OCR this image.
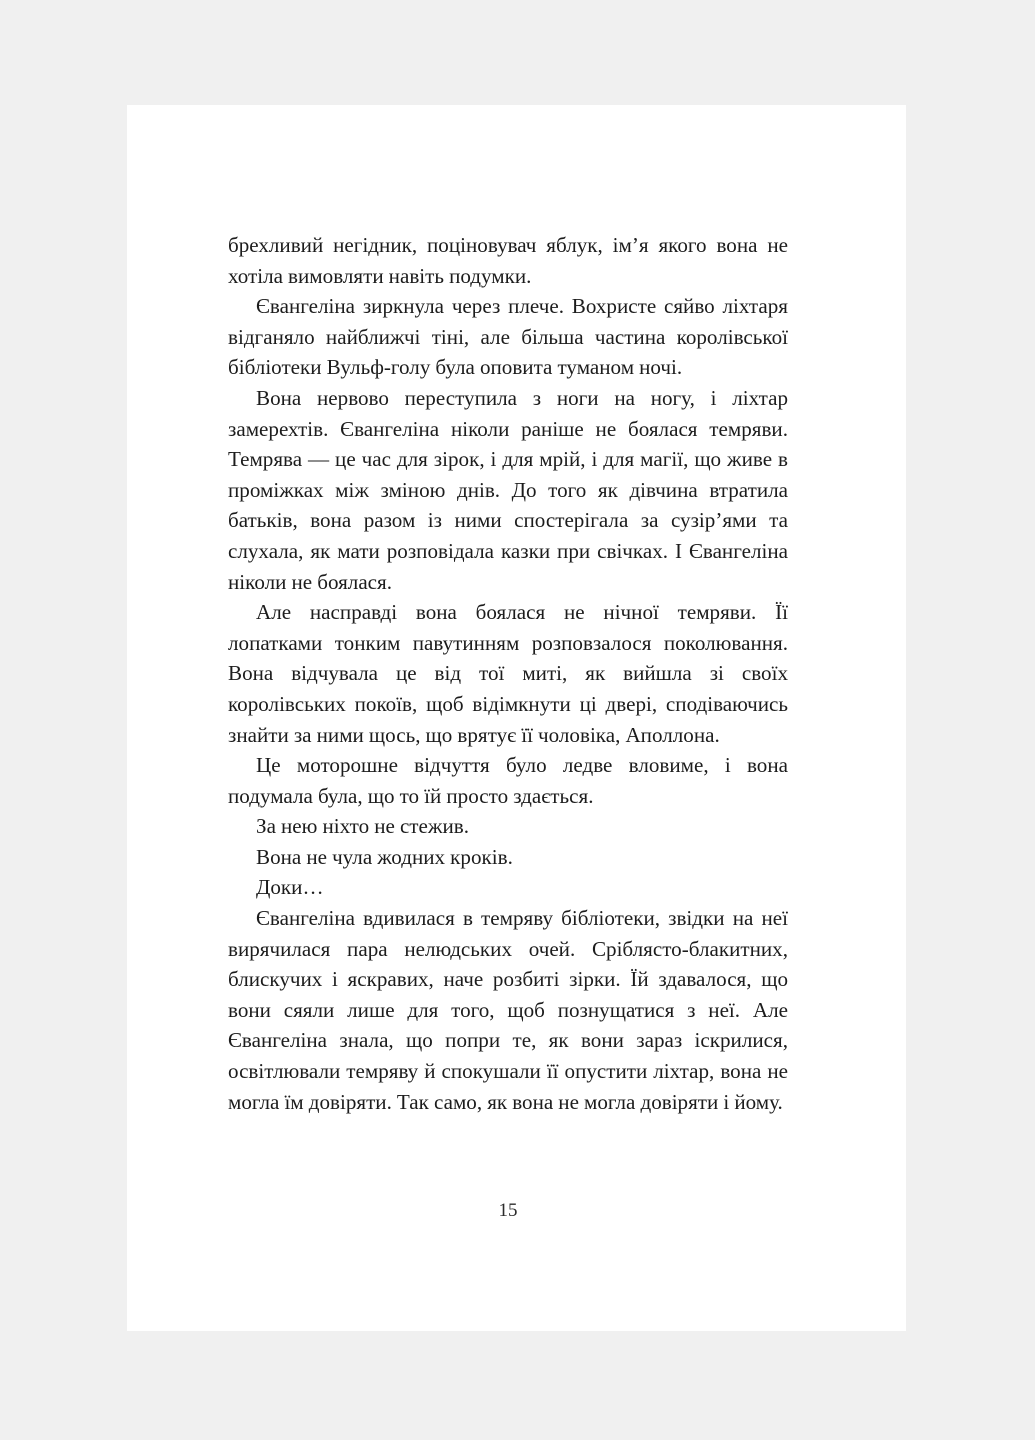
брехливий негідник, поціновувач яблук, ім’я якого вона не хотіла вимовляти навіть подумки.

Євангеліна зиркнула через плече. Вохристе сяйво ліхтаря відганяло найближчі тіні, але більша частина королівської бібліотеки Вульф-голу була оповита туманом ночі.

Вона нервово переступила з ноги на ногу, і ліхтар замерехтів. Євангеліна ніколи раніше не боялася темряви. Темрява — це час для зірок, і для мрій, і для магії, що живе в проміжках між зміною днів. До того як дівчина втратила батьків, вона разом із ними спостерігала за сузір’ями та слухала, як мати розповідала казки при свічках. І Євангеліна ніколи не боялася.

Але насправді вона боялася не нічної темряви. Її лопатками тонким павутинням розповзалося поколювання. Вона відчувала це від тої миті, як вийшла зі своїх королівських покоїв, щоб відімкнути ці двері, сподіваючись знайти за ними щось, що врятує її чоловіка, Аполлона.

Це моторошне відчуття було ледве вловиме, і вона подумала була, що то їй просто здається.

За нею ніхто не стежив.

Вона не чула жодних кроків.

Доки…

Євангеліна вдивилася в темряву бібліотеки, звідки на неї вирячилася пара нелюдських очей. Сріблясто-блакитних, блискучих і яскравих, наче розбиті зірки. Їй здавалося, що вони сяяли лише для того, щоб познущатися з неї. Але Євангеліна знала, що попри те, як вони зараз іскрилися, освітлювали темряву й спокушали її опустити ліхтар, вона не могла їм довіряти. Так само, як вона не могла довіряти і йому.

15
